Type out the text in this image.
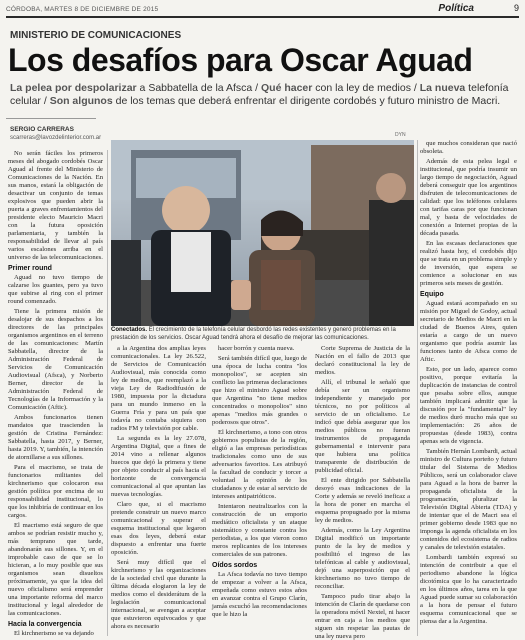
CÓRDOBA, MARTES 8 DE DICIEMBRE DE 2015	Política	9
MINISTERIO DE COMUNICACIONES
Los desafíos para Oscar Aguad
La pelea por despolarizar a Sabbatella de la Afsca / Qué hacer con la ley de medios / La nueva telefonía celular / Son algunos de los temas que deberá enfrentar el dirigente cordobés y futuro ministro de Macri.
SERGIO CARRERAS
scarreras@lavozdelinterior.com.ar

No serán fáciles los primeros meses del abogado cordobés Oscar Aguad al frente del Ministerio de Comunicaciones de la Nación. En sus manos, estará la obligación de desactivar un conjunto de temas explosivos que pueden abrir la puerta a graves enfrentamientos del presidente electo Mauricio Macri con la futura oposición parlamentaria, y también la responsabilidad de llevar al país varios escalones arriba en el universo de las telecomunicaciones.

Primer round

Aguad no tuvo tiempo de calzarse los guantes, pero ya tuvo que subirse al ring con el primer round comenzado.

Tiene la primera misión de desalojar de sus despachos a los directores de las principales organismos argentinos en el terreno de las comunicaciones: Martín Sabbatella, director de la Administración Federal de Servicios de Comunicación Audiovisual (Afsca), y Norberto Berner, director de la Administración Federal de Tecnologías de la Información y la Comunicación (Aftic).

Ambos funcionarios tienen mandatos que trascienden la gestión de Cristina Fernández: Sabbatella, hasta 2017, y Berner, hasta 2019. Y, también, la intención de atornillarse a sus sillones.

Para el macrismo, se trata de funcionarios militantes del kirchnerismo que colocaron esa gestión política por encima de su responsabilidad institucional, lo que los inhibiría de continuar en los cargos.

El macrismo está seguro de que ambos se podrían resistir mucho y, más temprano que tarde, abandonarán sus sillones. Y, en el improbable caso de que se lo hicieran, a lo muy posible que sus organismos sean disueltos próximamente, ya que la idea del nuevo oficialismo será emprender una importante reforma del marco institucional y legal alrededor de las comunicaciones.

Hacia la convergencia

El kirchnerismo se va dejando

DYN
Conectados. El crecimiento de la telefonía celular desbordó las redes existentes y generó problemas en la prestación de los servicios. Oscar Aguad tendrá ahora el desafío de mejorar las comunicaciones.

a la Argentina dos amplias leyes comunicacionales. La ley 26.522, de Servicios de Comunicación Audiovisual, más conocida como ley de medios, que reemplazó a la vieja Ley de Radiodifusión de 1980, impuesta por la dictadura para un mundo inmerso en la Guerra Fría y para un país que todavía no contaba siquiera con radios FM y televisión por cable.

La segunda es la ley 27.078, Argentina Digital, que a fines de 2014 vino a rellenar algunos huecos que dejó la primera y tiene por objeto conducir al país hacia el horizonte de convergencia comunicacional al que apuntan las nuevas tecnologías.

Claro que, si el macrismo pretende construir un nuevo marco comunicacional y superar el esquema institucional que legaron esas dos leyes, deberá estar dispuesto a enfrentar una fuerte oposición.

Será muy difícil que el kirchnerismo y las organizaciones de la sociedad civil que durante la última década elogiaron la ley de medios como el desiderátum de la legislación comunicacional internacional, se avengan a aceptar que estuvieron equivocados y que ahora es necesario

hacer borrón y cuenta nueva.

Será también difícil que, luego de una época de lucha contra "los monopolios", se acepten sin conflicto las primeras declaraciones que hizo el ministro Aguad sobre que Argentina "no tiene medios concentrados o monopolios" sino apenas "medios más grandes o poderosos que otros".

El kirchnerismo, a tono con otros gobiernos populistas de la región, eligió a las empresas periodísticas tradicionales como uno de sus adversarios favoritos. Les atribuyó la facultad de conducir y torcer a voluntad la opinión de los ciudadanos y de estar al servicio de intereses antipatrióticos.

Intentaron neutralizarlos con la construcción de un emporio mediático oficialista y un ataque sistemático y constante contra los periodistas, a los que vieron como meros replicantes de los intereses comerciales de sus patrones.

Oídos sordos

La Afsca todavía no tuvo tiempo de empezar a volver a la Afsca, empeñada como estuvo estos años en avanzar contra el Grupo Clarín, jamás escuchó las recomendaciones que le hizo la

Corte Suprema de Justicia de la Nación en el fallo de 2013 que declaró constitucional la ley de medios.

Allí, el tribunal le señaló que debía ser un organismo independiente y manejado por técnicos, no por políticos al servicio de un oficialismo. Le indicó que debía asegurar que los medios públicos no fueran instrumentos de propaganda gubernamental e intervenir para que hubiera una política transparente de distribución de publicidad oficial.

El ente dirigido por Sabbatella desoyó esas indicaciones de la Corte y además se reveló ineficaz a la hora de poner en marcha el esquema propugnado por la misma ley de medios.

Además, como la Ley Argentina Digital modificó un importante punto de la ley de medios y posibilitó el ingreso de las telefónicas al cable y audiovisual, dejó una superposición que el kirchnerismo no tuvo tiempo de reconciliar.

Tampoco pudo tirar abajo la intención de Clarín de quedarse con la operadora móvil Nextel, ni hacer entrar en caja a los medios que siguen sin respetar las pautas de una ley nueva pero

que muchos consideran que nació obsoleta.

Además de esta pelea legal e institucional, que podría insumir un largo tiempo de negociación, Aguad deberá conseguir que los argentinos disfruten de telecomunicaciones de calidad: que los teléfonos celulares con tarifas caras por que funcionan mal, y basta de velocidades de conexión a Internet propias de la década pasada.

En las escasas declaraciones que realizó hasta hoy, el cordobés dijo que se trata en un problema simple y de inversión, que espera se comience a solucionar en sus primeros seis meses de gestión.

Equipo

Aguad estará acompañado en su misión por Miguel de Godoy, actual secretario de Medios de Macri en la ciudad de Buenos Aires, quien estaría a cargo de un nuevo organismo que podría asumir las funciones tanto de Afsca como de Aftic.

Esto, por un lado, aparece como positivo, porque evitaría la duplicación de instancias de control que pesaba sobre ellos, aunque también implicará admitir que la discusión por la "fundamental" ley de medios duró mucho más que su implementación: 26 años de propuestas (desde 1983), contra apenas seis de vigencia.

También Hernán Lombardi, actual ministro de Cultura porteño y futuro titular del Sistema de Medios Públicos, será un colaborador clave para Aguad a la hora de barrer la propaganda oficialista de la programación, pluralizar la Televisión Digital Abierta (TDA) y de intentar que el de Macri sea el primer gobierno desde 1983 que no imponga la agenda oficialista en los contenidos del ecosistema de radios y canales de televisión estatales.

Lombardi también expresó su intención de contribuir a que el periodismo abandone la lógica dicotómica que lo ha caracterizado en los últimos años, tarea en la que Aguad puede sumar su colaboración a la hora de pensar el futuro esquema comunicacional que se piensa dar a la Argentina.
